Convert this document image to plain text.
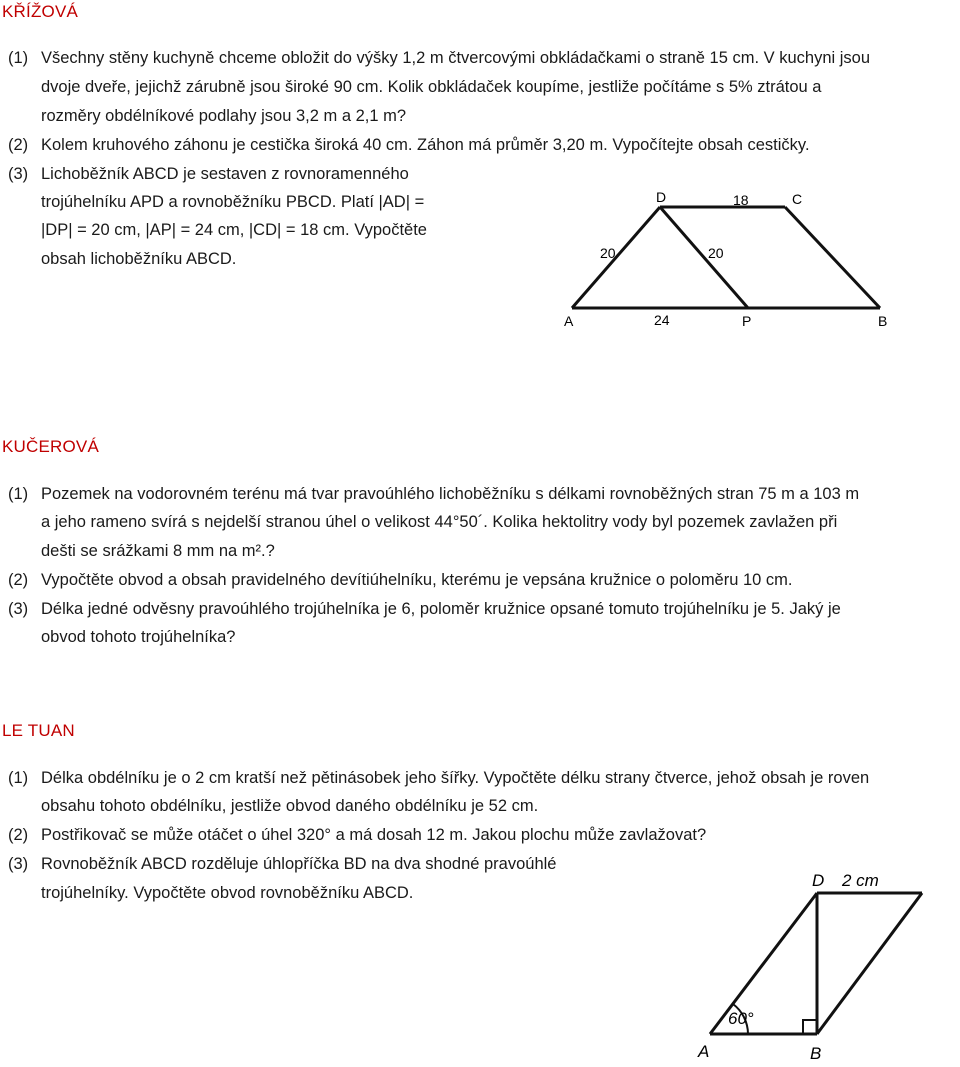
KŘÍŽOVÁ
(1) Všechny stěny kuchyně chceme obložit do výšky 1,2 m čtvercovými obkládačkami o straně 15 cm. V kuchyni jsou
dvoje dveře, jejichž zárubně jsou široké 90 cm. Kolik obkládaček koupíme, jestliže počítáme s 5% ztrátou a
rozměry obdélníkové podlahy jsou 3,2 m a 2,1 m?
(2) Kolem kruhového záhonu je cestička široká 40 cm. Záhon má průměr 3,20 m. Vypočítejte obsah cestičky.
(3) Lichoběžník ABCD je sestaven z rovnoramenného
trojúhelníku APD a rovnoběžníku PBCD. Platí |AD| =
|DP| = 20 cm, |AP| = 24 cm, |CD| = 18 cm. Vypočtěte
obsah lichoběžníku ABCD.
D	C
18
20	20
A	24	P	B
KUČEROVÁ
(1) Pozemek na vodorovném terénu má tvar pravoúhlého lichoběžníku s délkami rovnoběžných stran 75 m a 103 m
a jeho rameno svírá s nejdelší stranou úhel o velikost 44°50´. Kolika hektolitry vody byl pozemek zavlažen při
dešti se srážkami 8 mm na m².?
(2) Vypočtěte obvod a obsah pravidelného devítiúhelníku, kterému je vepsána kružnice o poloměru 10 cm.
(3) Délka jedné odvěsny pravoúhlého trojúhelníka je 6, poloměr kružnice opsané tomuto trojúhelníku je 5. Jaký je
obvod tohoto trojúhelníka?
LE TUAN
(1) Délka obdélníku je o 2 cm kratší než pětinásobek jeho šířky. Vypočtěte délku strany čtverce, jehož obsah je roven
obsahu tohoto obdélníku, jestliže obvod daného obdélníku je 52 cm.
(2) Postřikovač se může otáčet o úhel 320° a má dosah 12 m. Jakou plochu může zavlažovat?
(3) Rovnoběžník ABCD rozděluje úhlopříčka BD na dva shodné pravoúhlé
trojúhelníky. Vypočtěte obvod rovnoběžníku ABCD.
D 2 cm
60°
A	B
